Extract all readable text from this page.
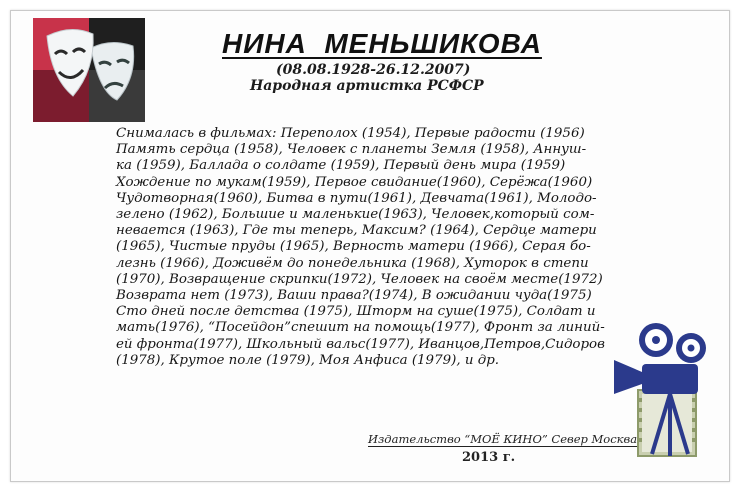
НИНА  МЕНЬШИКОВА
(08.08.1928-26.12.2007)
Народная артистка РСФСР
Снималась в фильмах: Переполох (1954), Первые радости (1956)
Память сердца (1958), Человек с планеты Земля (1958), Аннуш-
ка (1959), Баллада о солдате (1959), Первый день мира (1959)
Хождение по мукам(1959), Первое свидание(1960), Серёжа(1960)
Чудотворная(1960), Битва в пути(1961), Девчата(1961), Молодо-
зелено (1962), Большие и маленькие(1963), Человек,который сом-
невается (1963), Где ты теперь, Максим? (1964), Сердце матери
(1965), Чистые пруды (1965), Верность матери (1966), Серая бо-
лезнь (1966), Доживём до понедельника (1968), Хуторок в степи
(1970), Возвращение скрипки(1972), Человек на своём месте(1972)
Возврата нет (1973), Ваши права?(1974), В ожидании чуда(1975)
Сто дней после детства (1975), Шторм на суше(1975), Солдат и
мать(1976), “Посейдон”спешит на помощь(1977), Фронт за линий-
ей фронта(1977), Школьный вальс(1977), Иванцов,Петров,Сидоров
(1978), Крутое поле (1979), Моя Анфиса (1979), и др.
Издательство “МОЁ КИНО” Север Москва
2013 г.
